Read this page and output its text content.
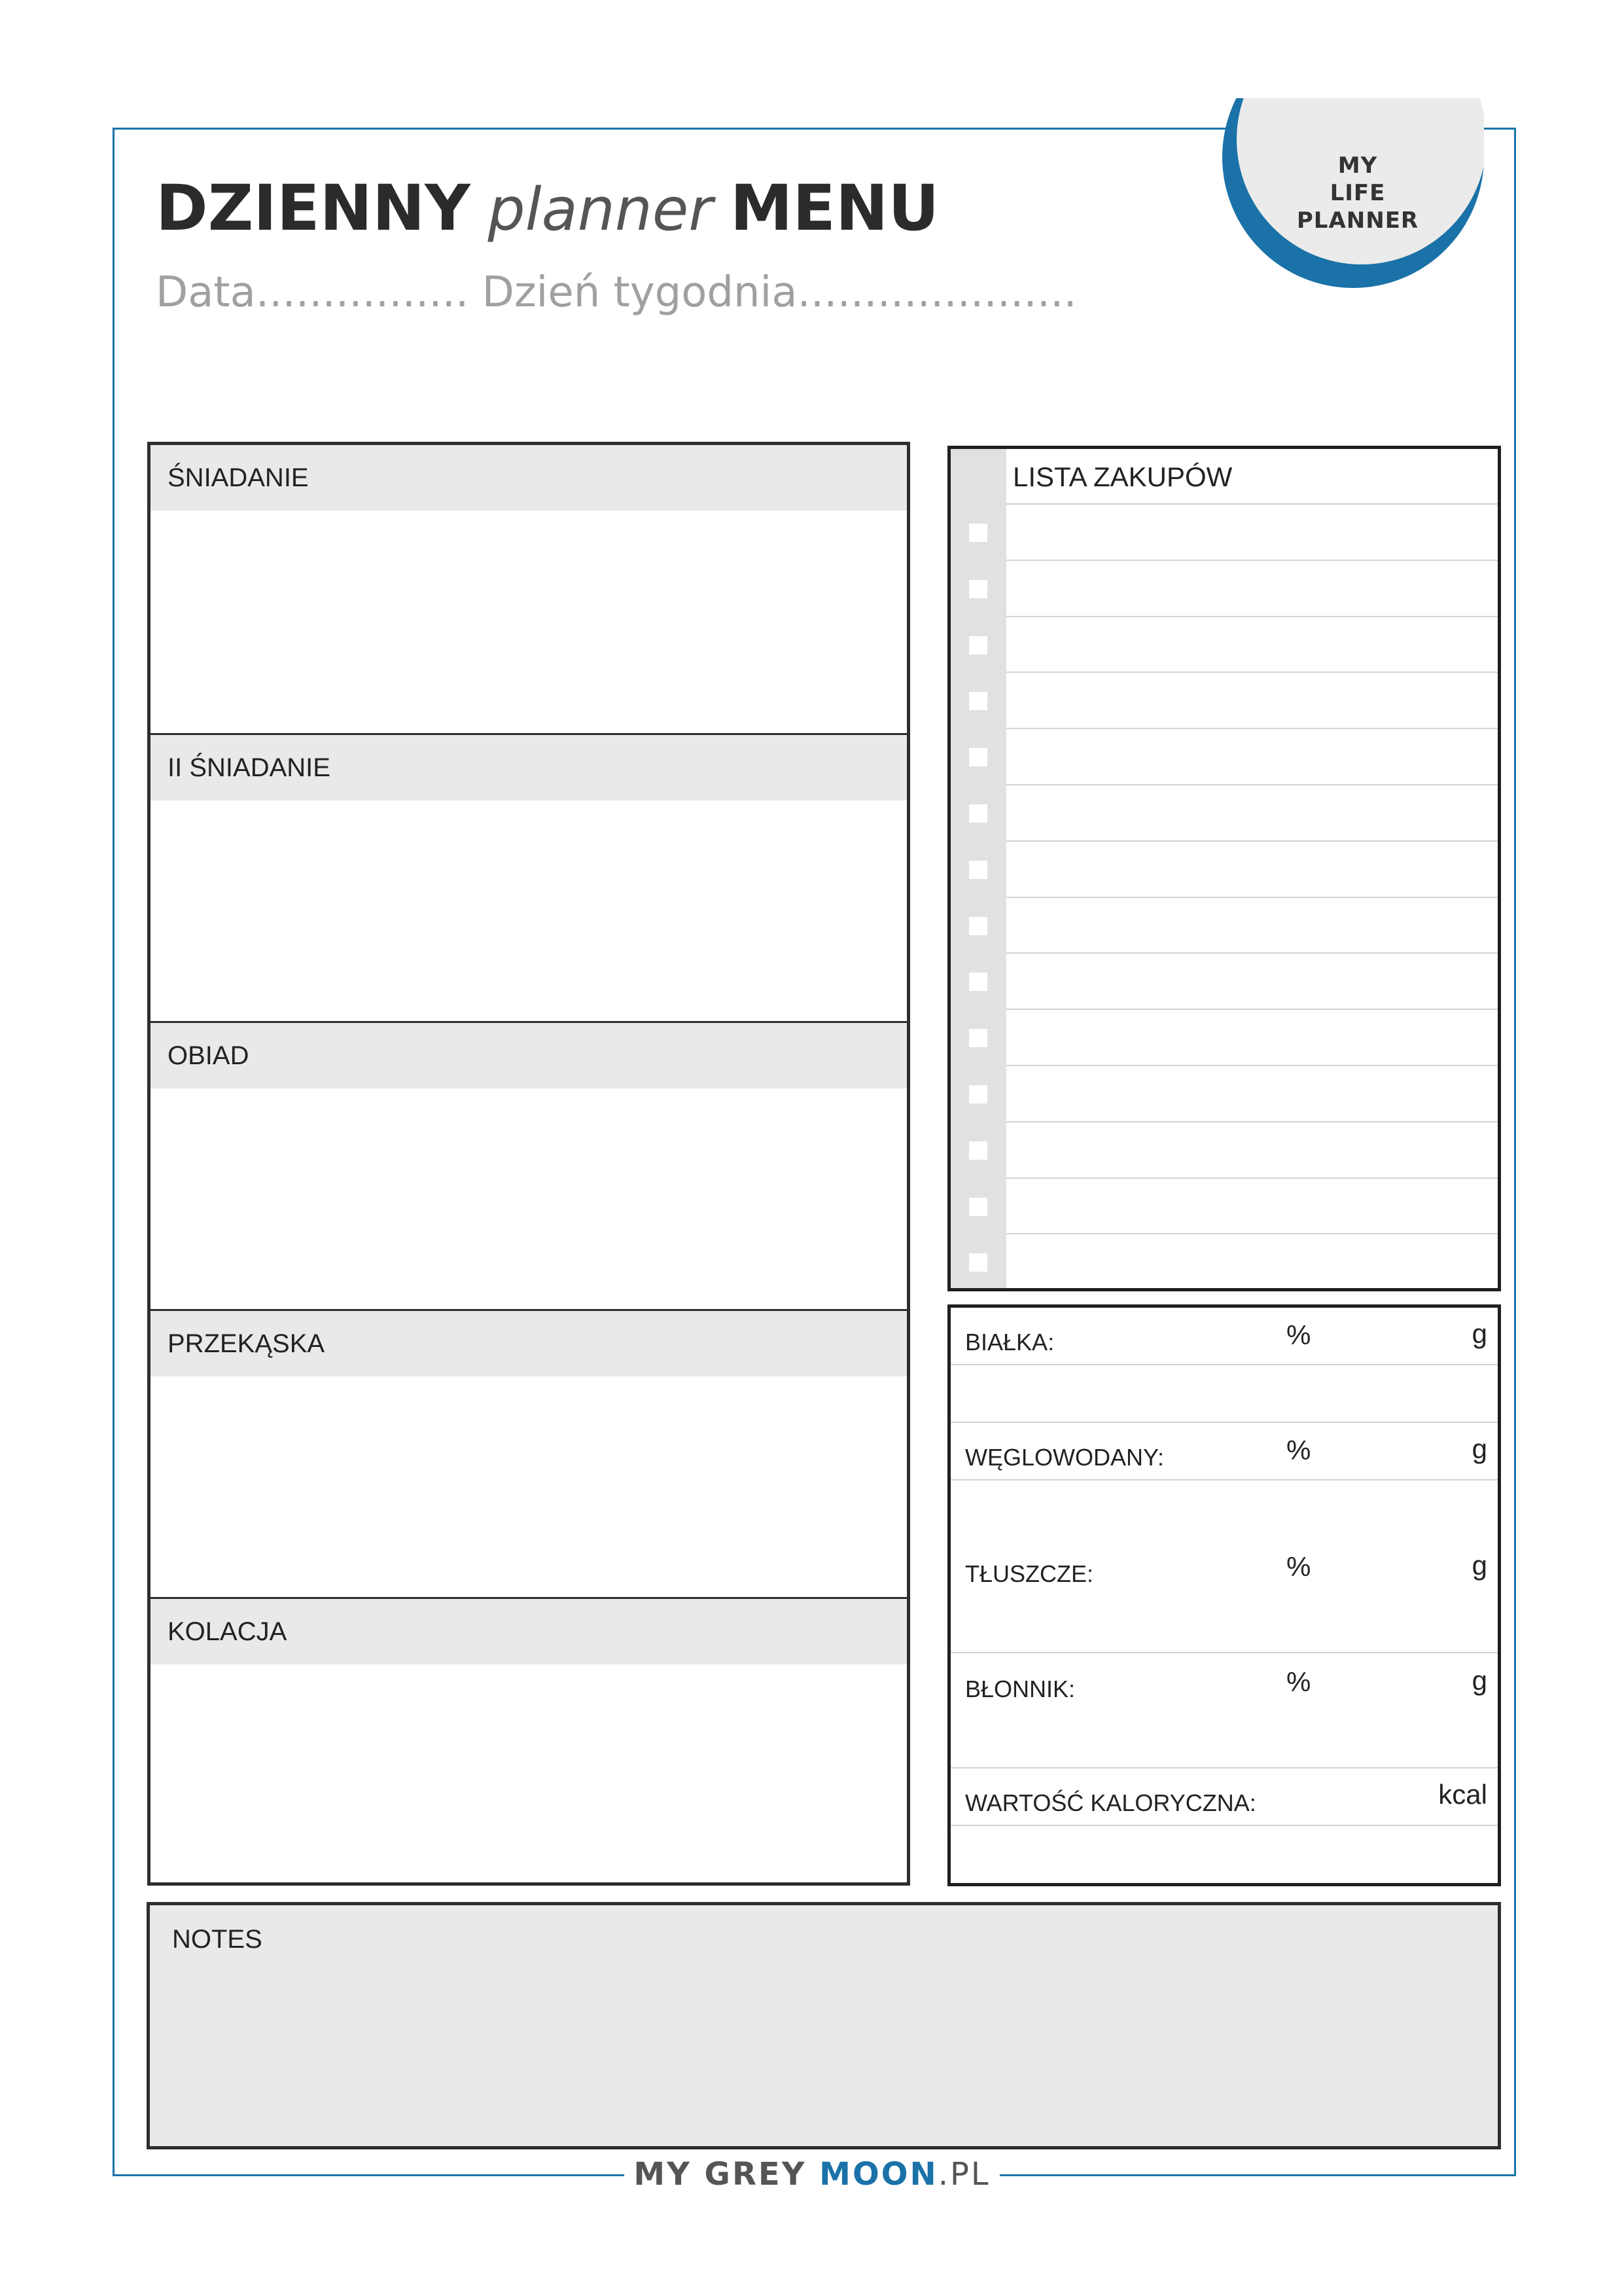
MY
LIFE
PLANNER
DZIENNY planner MENU
Data................ Dzień tygodnia.....................
ŚNIADANIE
II ŚNIADANIE
OBIAD
PRZEKĄSKA
KOLACJA
LISTA ZAKUPÓW
BIAŁKA:	%	g
WĘGLOWODANY:	%	g
TŁUSZCZE:	%	g
BŁONNIK:	%	g
WARTOŚĆ KALORYCZNA:	kcal
NOTES
MY GREY MOON.PL
